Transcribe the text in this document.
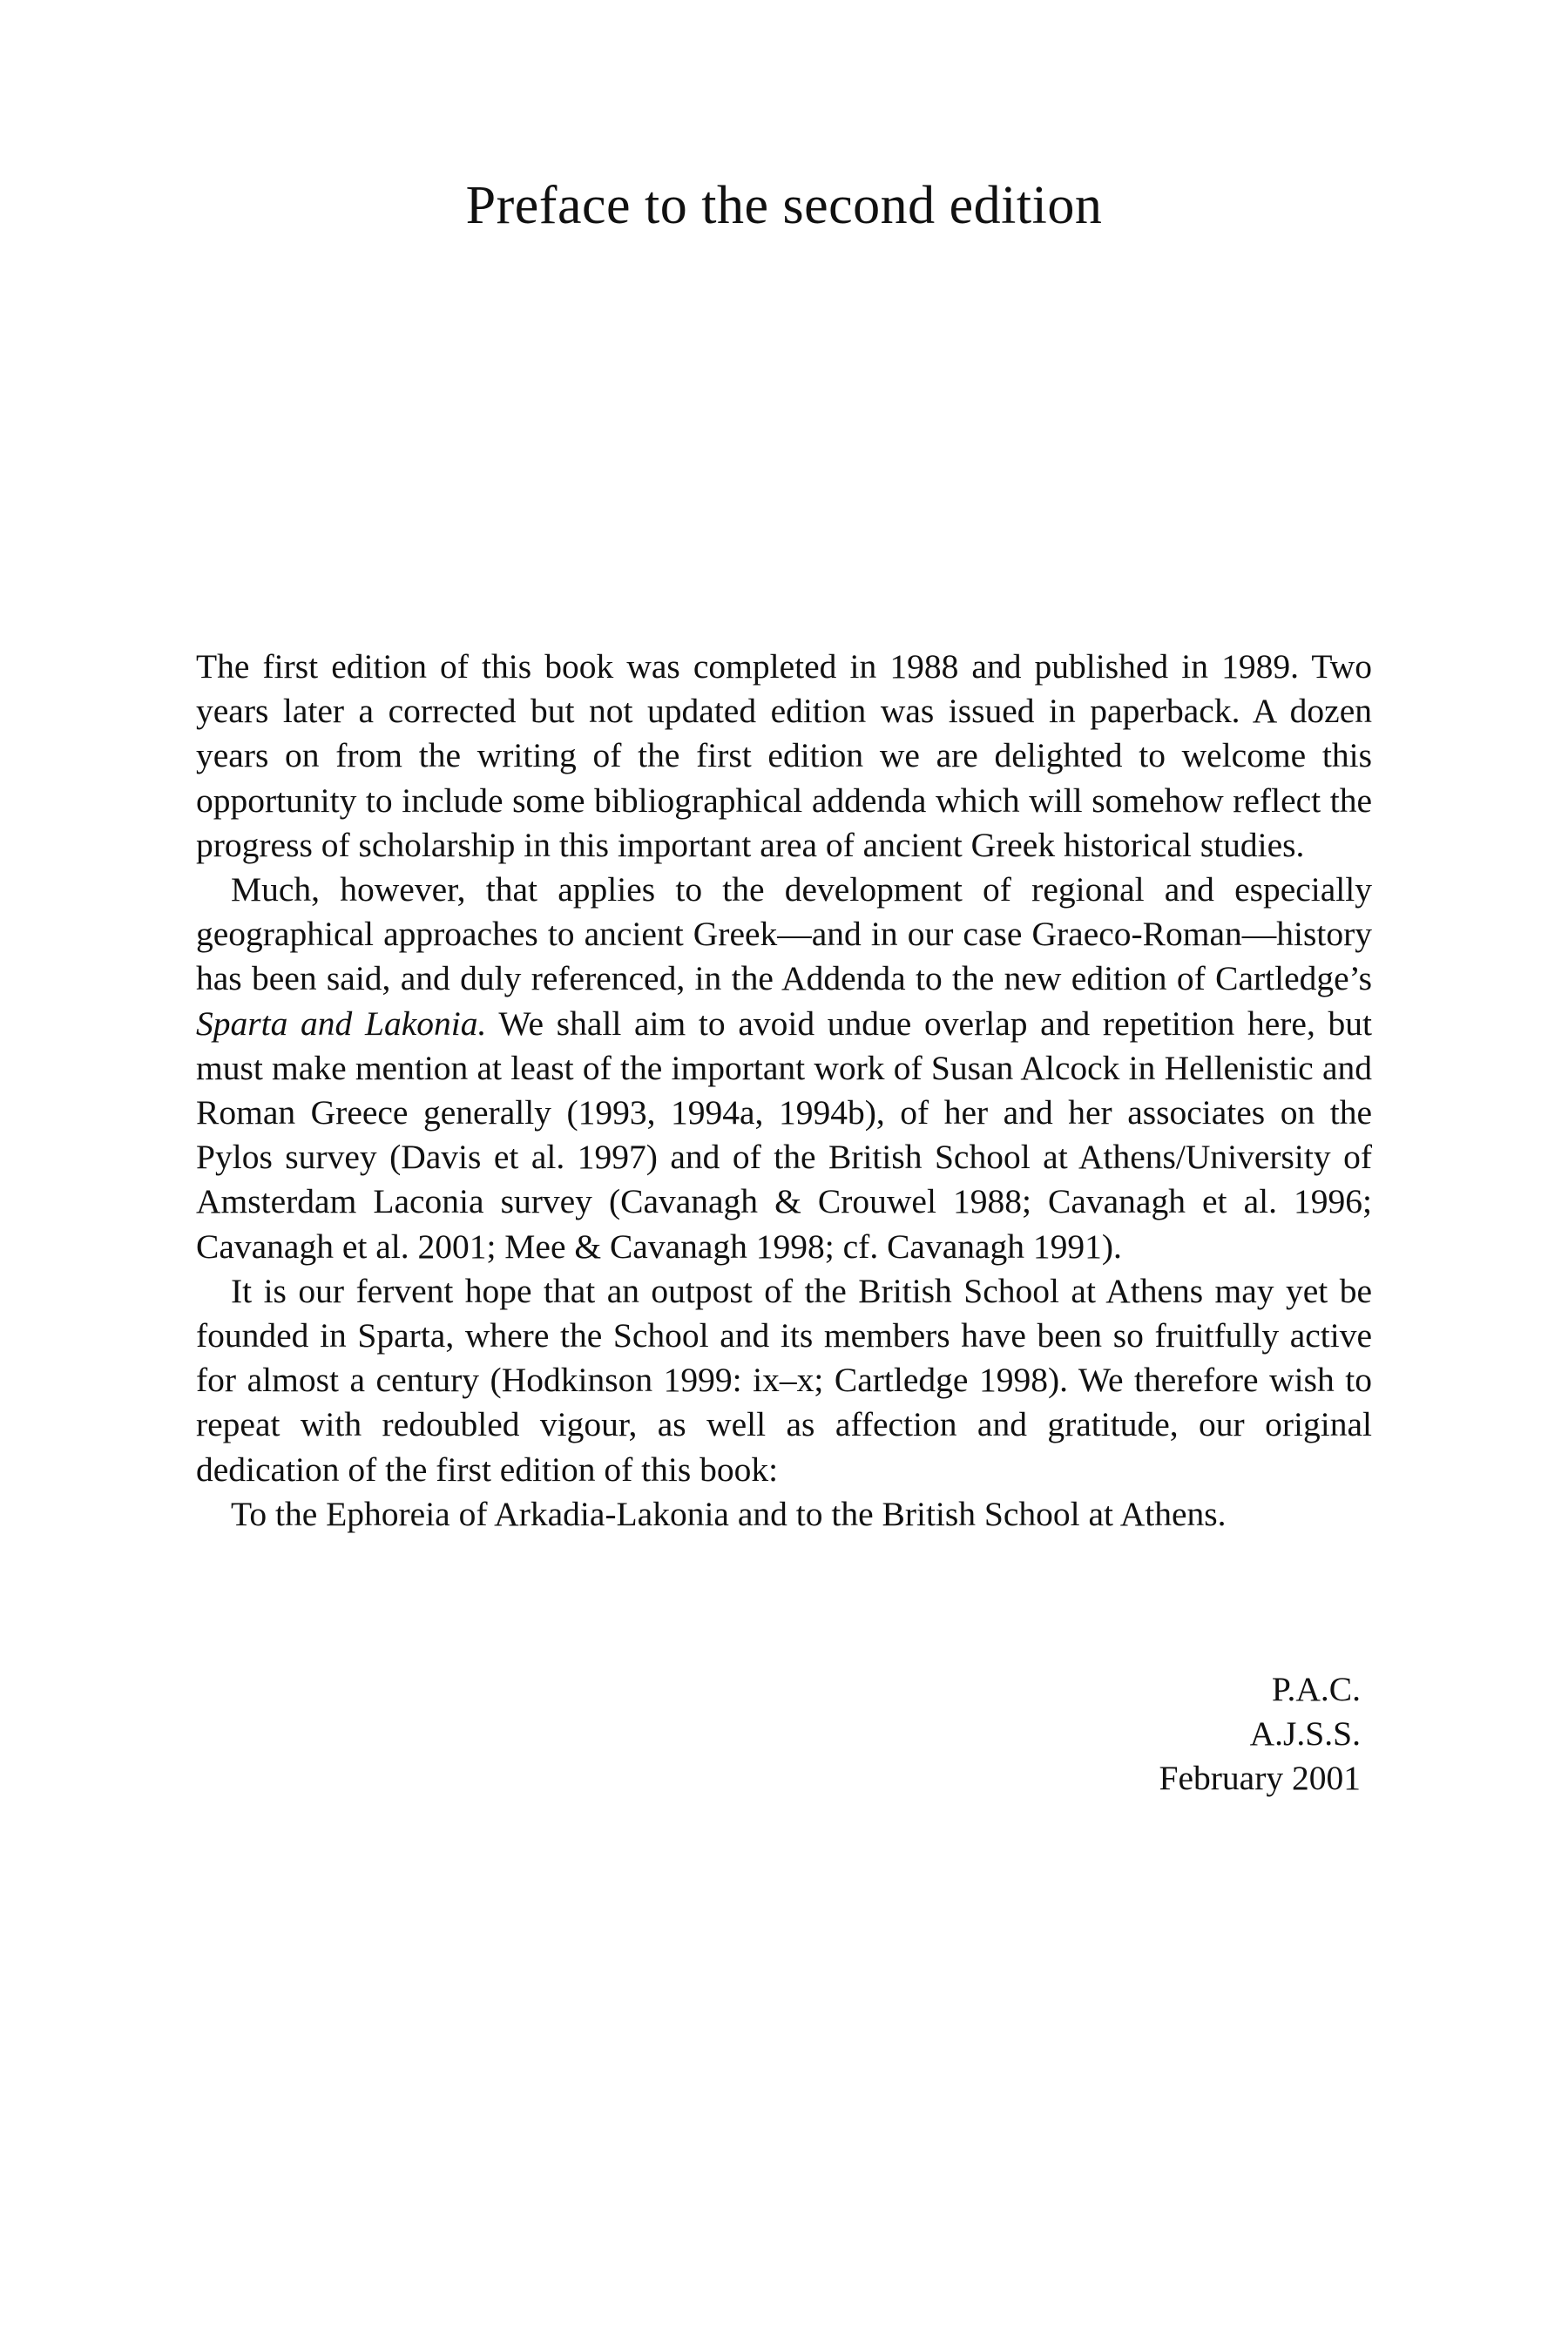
Preface to the second edition

The first edition of this book was completed in 1988 and published in 1989. Two years later a corrected but not updated edition was issued in paperback. A dozen years on from the writing of the first edition we are delighted to welcome this opportunity to include some bibliographical addenda which will somehow reflect the progress of scholarship in this important area of ancient Greek historical studies.

Much, however, that applies to the development of regional and especially geographical approaches to ancient Greek—and in our case Graeco-Roman—history has been said, and duly referenced, in the Addenda to the new edition of Cartledge’s Sparta and Lakonia. We shall aim to avoid undue overlap and repetition here, but must make mention at least of the important work of Susan Alcock in Hellenistic and Roman Greece generally (1993, 1994a, 1994b), of her and her associates on the Pylos survey (Davis et al. 1997) and of the British School at Athens/University of Amsterdam Laconia survey (Cavanagh & Crouwel 1988; Cavanagh et al. 1996; Cavanagh et al. 2001; Mee & Cavanagh 1998; cf. Cavanagh 1991).

It is our fervent hope that an outpost of the British School at Athens may yet be founded in Sparta, where the School and its members have been so fruitfully active for almost a century (Hodkinson 1999: ix–x; Cartledge 1998). We therefore wish to repeat with redoubled vigour, as well as affection and gratitude, our original dedication of the first edition of this book:

To the Ephoreia of Arkadia-Lakonia and to the British School at Athens.

P.A.C.
A.J.S.S.
February 2001
